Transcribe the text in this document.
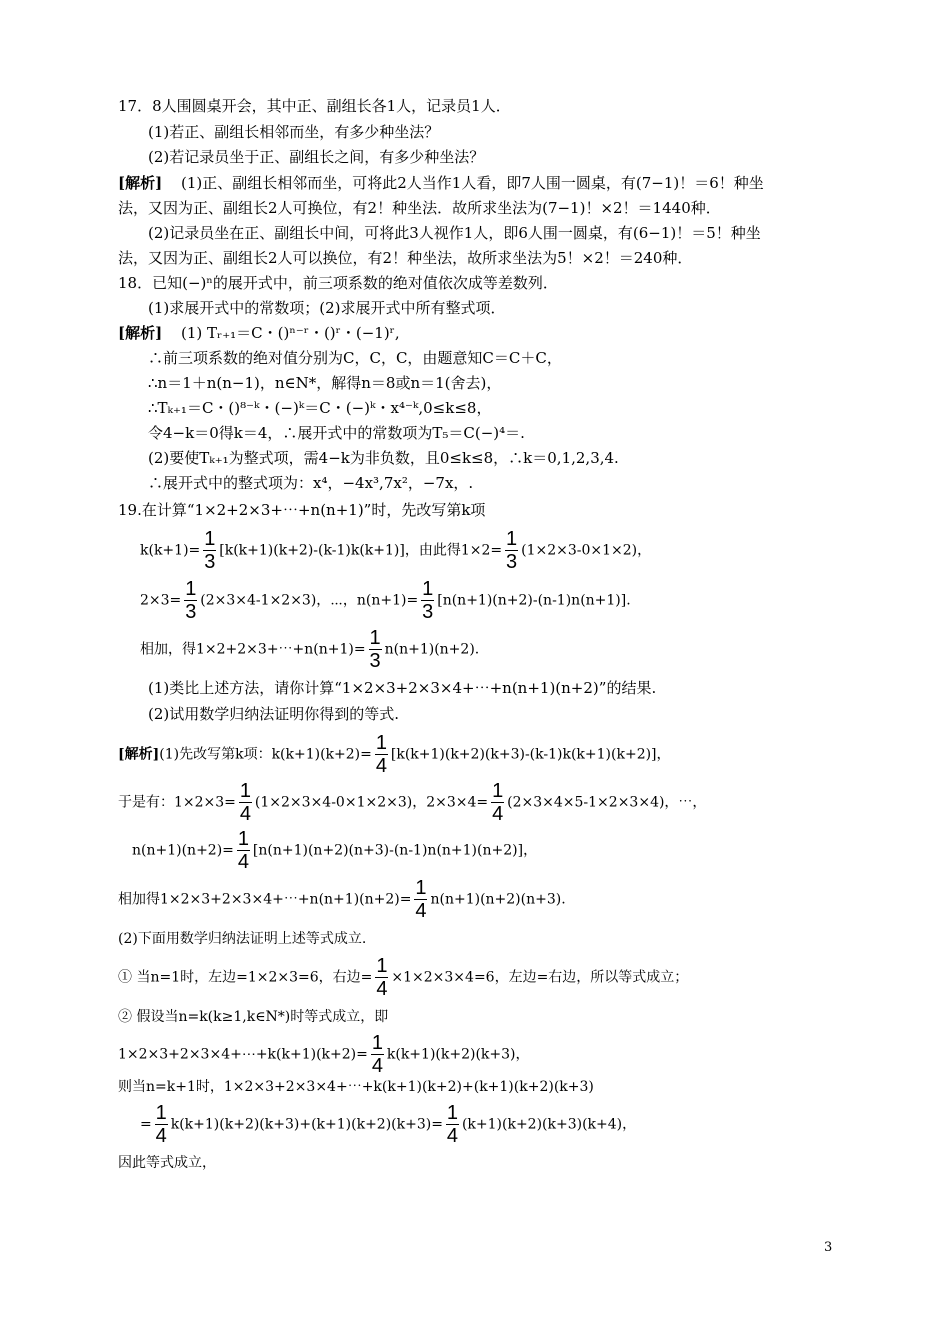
17．8人围圆桌开会，其中正、副组长各1人，记录员1人．
(1)若正、副组长相邻而坐，有多少种坐法？
(2)若记录员坐于正、副组长之间，有多少种坐法？
[解析] (1)正、副组长相邻而坐，可将此2人当作1人看，即7人围一圆桌，有(7−1)！＝6！种坐
法，又因为正、副组长2人可换位，有2！种坐法．故所求坐法为(7−1)！×2！＝1440种．
(2)记录员坐在正、副组长中间，可将此3人视作1人，即6人围一圆桌，有(6−1)！＝5！种坐
法，又因为正、副组长2人可以换位，有2！种坐法，故所求坐法为5！×2！＝240种．
18．已知(−)ⁿ的展开式中，前三项系数的绝对值依次成等差数列．
(1)求展开式中的常数项；(2)求展开式中所有整式项．
[解析] (1) Tᵣ₊₁＝C・()ⁿ⁻ʳ・()ʳ・(−1)ʳ,
∴前三项系数的绝对值分别为C，C，C，由题意知C＝C＋C，
∴n＝1＋n(n−1)，n∈N*，解得n＝8或n＝1(舍去)，
∴Tₖ₊₁＝C・()⁸⁻ᵏ・(−)ᵏ＝C・(−)ᵏ・x⁴⁻ᵏ,0≤k≤8，
令4−k＝0得k＝4，∴展开式中的常数项为T₅＝C(−)⁴＝.
(2)要使Tₖ₊₁为整式项，需4−k为非负数，且0≤k≤8，∴k＝0,1,2,3,4.
∴展开式中的整式项为：x⁴，−4x³,7x²，−7x，.
19.在计算“1×2+2×3+⋯+n(n+1)”时，先改写第k项
$k(k+1)= \frac{1}{3} [k(k+1)(k+2)-(k-1)k(k+1)]$，由此得$1\times 2= \frac{1}{3} (1\times 2\times 3-0\times 1\times 2)$，
$2\times 3= \frac{1}{3} (2\times 3\times 4-1\times 2\times 3)$，⋯，$n(n+1)= \frac{1}{3} [n(n+1)(n+2)-(n-1)n(n+1)]$.
相加，得1×2+2×3+⋯+n(n+1)= $\frac{1}{3} n(n+1)(n+2)$.
(1)类比上述方法，请你计算“1×2×3+2×3×4+⋯+n(n+1)(n+2)”的结果.
(2)试用数学归纳法证明你得到的等式.
[解析](1)先改写第k项：$k(k+1)(k+2)= \frac{1}{4} [k(k+1)(k+2)(k+3)-(k-1)k(k+1)(k+2)]$，
于是有：$1\times 2\times 3= \frac{1}{4} (1\times 2\times 3\times 4-0\times 1\times 2\times 3)$，$2\times 3\times 4= \frac{1}{4} (2\times 3\times 4\times 5-1\times 2\times 3\times 4)$，⋯，
$n(n+1)(n+2)= \frac{1}{4} [n(n+1)(n+2)(n+3)-(n-1)n(n+1)(n+2)]$，
相加得1×2×3+2×3×4+⋯+n(n+1)(n+2)= $\frac{1}{4} n(n+1)(n+2)(n+3)$.
(2)下面用数学归纳法证明上述等式成立.
① 当n=1时，左边=1×2×3=6，右边= $\frac{1}{4} \times 1\times 2\times 3\times 4=6$，左边=右边，所以等式成立；
② 假设当n=k(k≥1,k∈N*)时等式成立，即
1×2×3+2×3×4+⋯+k(k+1)(k+2)= $\frac{1}{4} k(k+1)(k+2)(k+3)$，
则当n=k+1时，1×2×3+2×3×4+⋯+k(k+1)(k+2)+(k+1)(k+2)(k+3)
= $\frac{1}{4} k(k+1)(k+2)(k+3)+(k+1)(k+2)(k+3)= \frac{1}{4} (k+1)(k+2)(k+3)(k+4)$，
因此等式成立，
3
